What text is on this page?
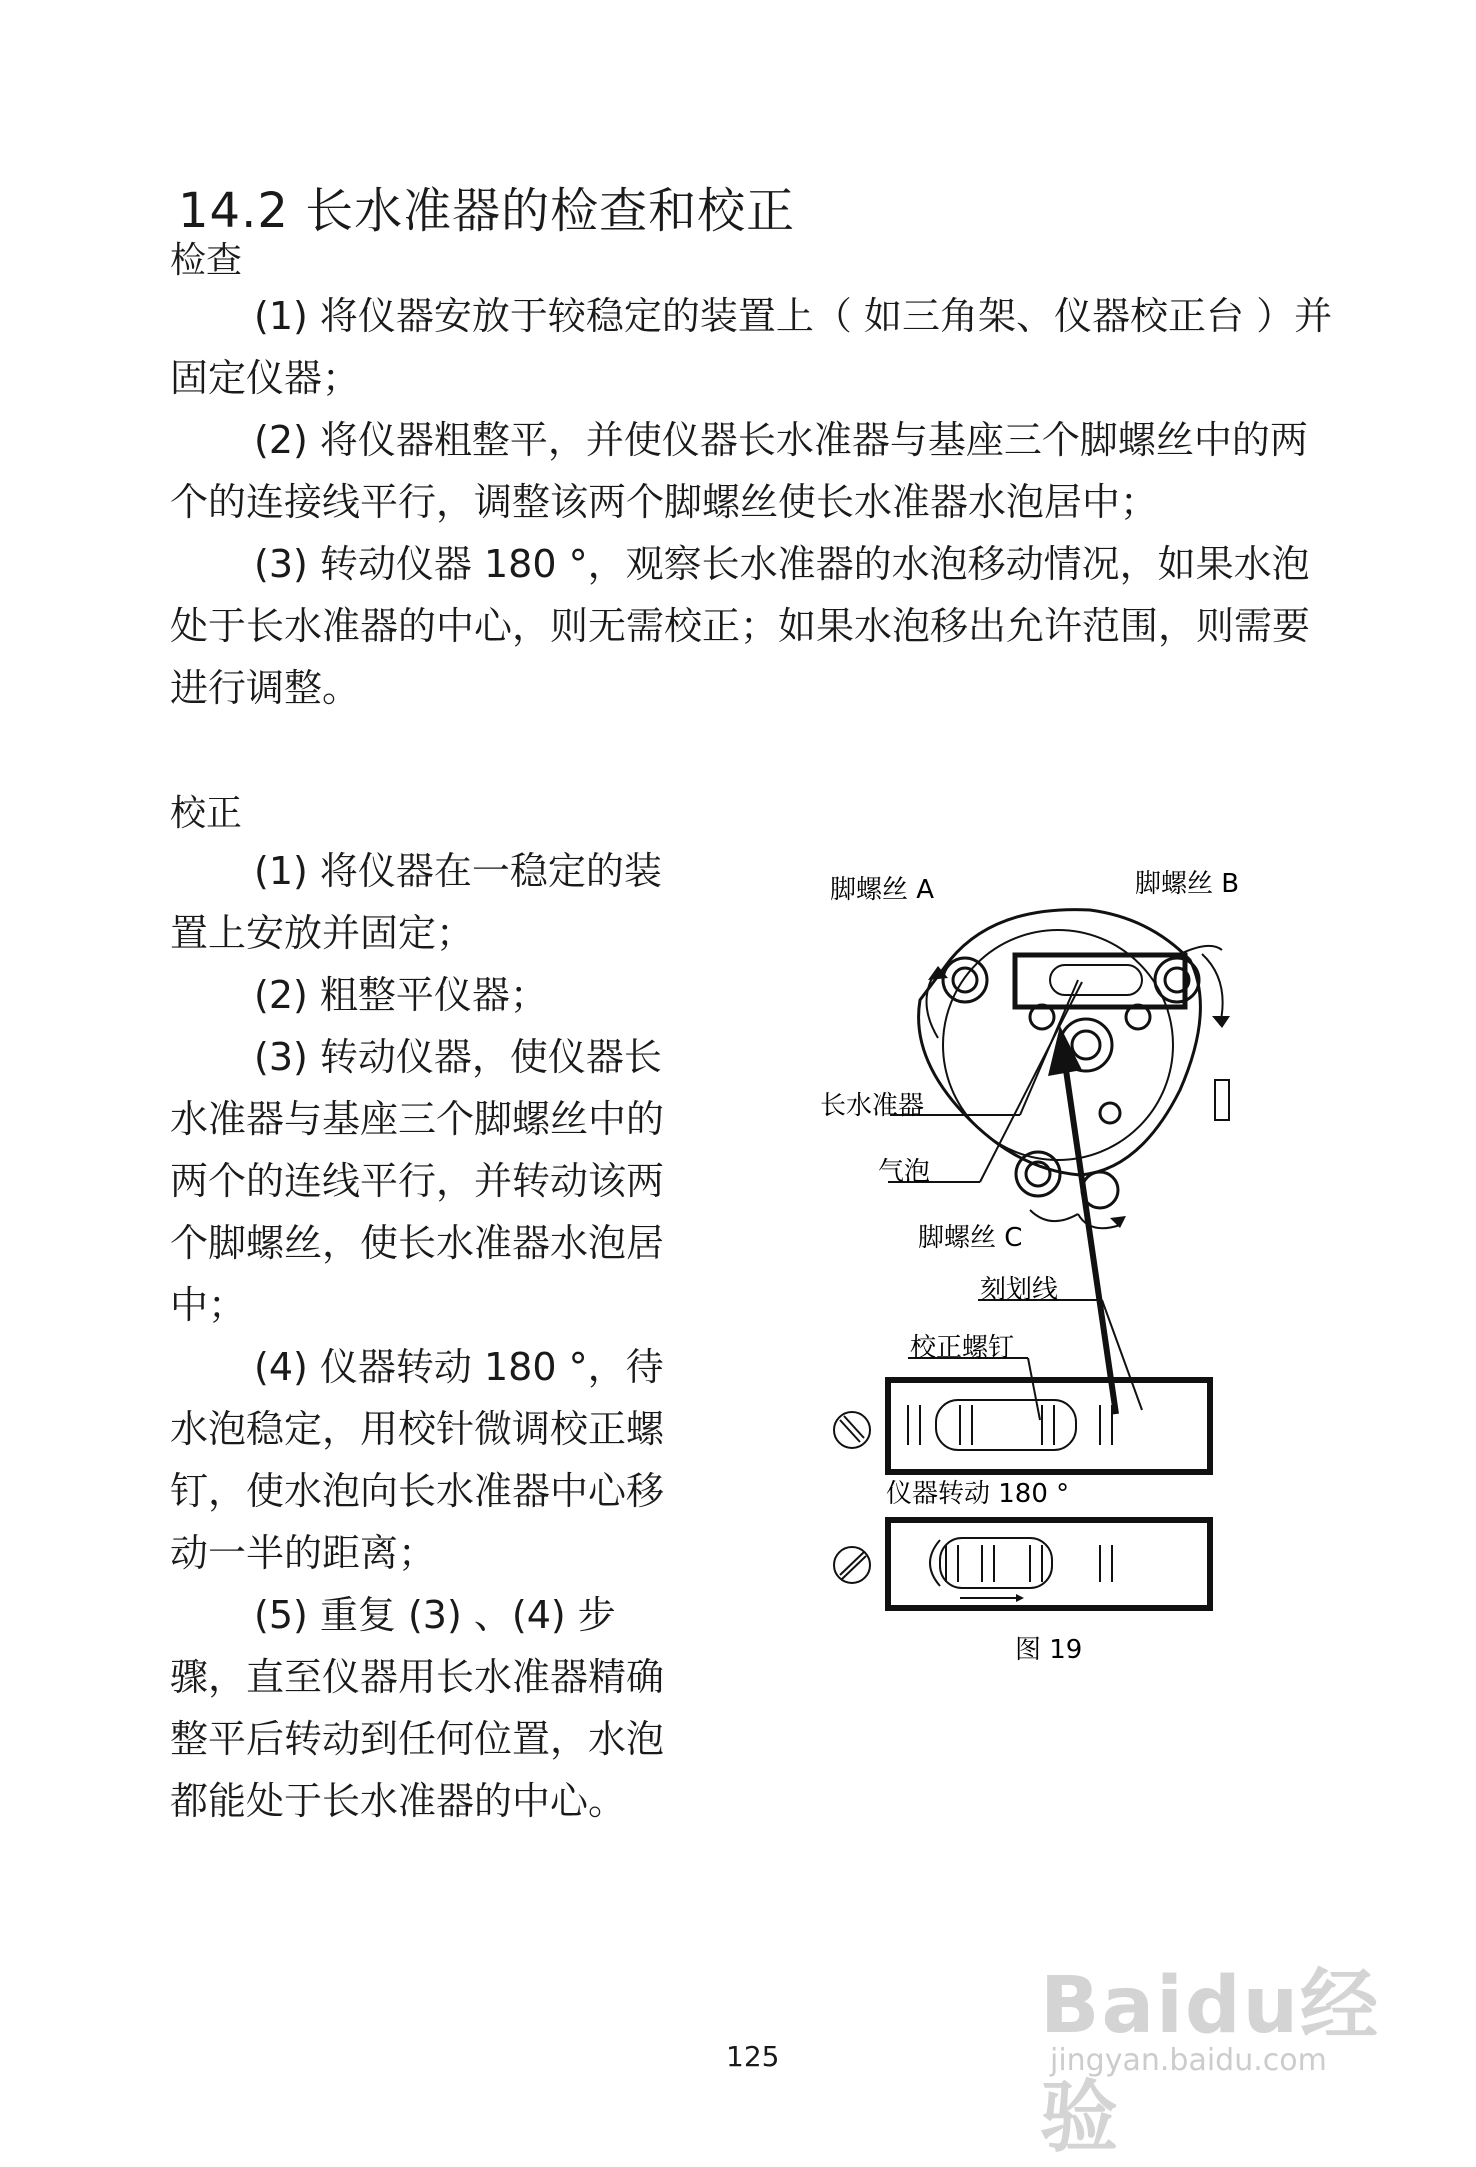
14.2 长水准器的检查和校正
检查

(1) 将仪器安放于较稳定的装置上（ 如三角架、仪器校正台 ）并固定仪器；

(2) 将仪器粗整平，并使仪器长水准器与基座三个脚螺丝中的两个的连接线平行，调整该两个脚螺丝使长水准器水泡居中；

(3) 转动仪器 180 °，观察长水准器的水泡移动情况，如果水泡处于长水准器的中心，则无需校正；如果水泡移出允许范围，则需要进行调整。

校正

(1) 将仪器在一稳定的装置上安放并固定；

(2) 粗整平仪器；

(3) 转动仪器，使仪器长水准器与基座三个脚螺丝中的两个的连线平行，并转动该两个脚螺丝，使长水准器水泡居中；

(4) 仪器转动 180 °，待水泡稳定，用校针微调校正螺钉，使水泡向长水准器中心移动一半的距离；

(5) 重复 (3) 、(4) 步骤，直至仪器用长水准器精确整平后转动到任何位置，水泡都能处于长水准器的中心。

脚螺丝 A	脚螺丝 B
长水准器
气泡
脚螺丝 C
刻划线
校正螺钉
仪器转动 180 °
图 19
125
Baidu经验
jingyan.baidu.com
